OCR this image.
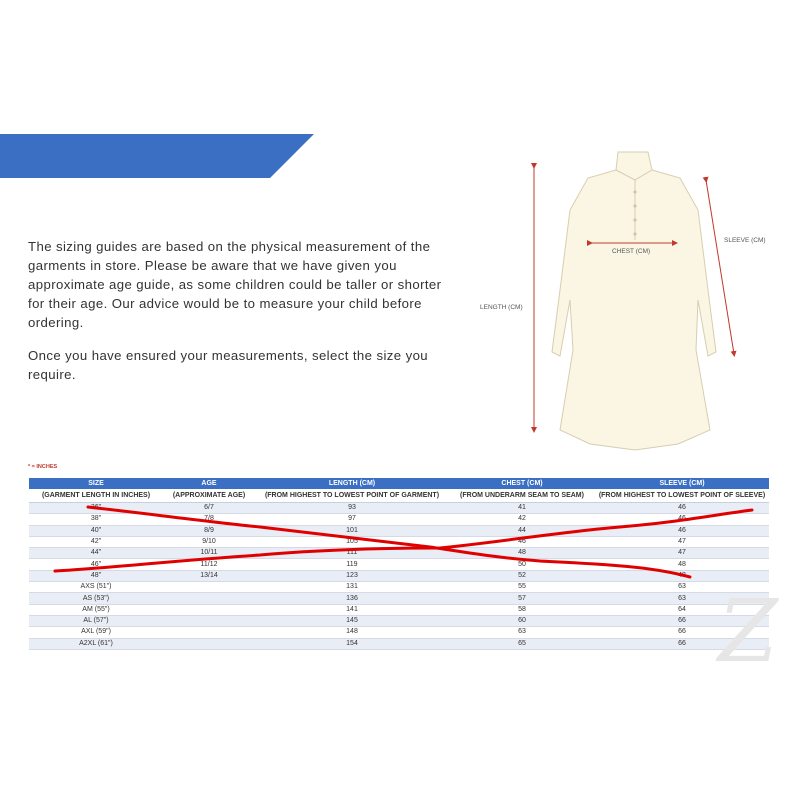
KURTHA SIZING GUIDE

The sizing guides are based on the physical measurement of the garments in store. Please be aware that we have given you approximate age guide, as some children could be taller or shorter for their age. Our advice would be to measure your child before ordering.

Once you have ensured your measurements, select the size you require.

CHEST (CM)
SLEEVE (CM)
LENGTH (CM)
* = INCHES
SIZE	AGE	LENGTH (CM)	CHEST (CM)	SLEEVE (CM)
(GARMENT LENGTH IN INCHES)	(APPROXIMATE AGE)	(FROM HIGHEST TO LOWEST POINT OF GARMENT)	(FROM UNDERARM SEAM TO SEAM)	(FROM HIGHEST TO LOWEST POINT OF SLEEVE)
36"	6/7	93	41	46
38"	7/8	97	42	46
40"	8/9	101	44	46
42"	9/10	105	46	47
44"	10/11	111	48	47
46"	11/12	119	50	48
48"	13/14	123	52	48
AXS (51")		131	55	63
AS (53")		136	57	63
AM (55")		141	58	64
AL (57")		145	60	66
AXL (59")		148	63	66
A2XL (61")		154	65	66 Z
